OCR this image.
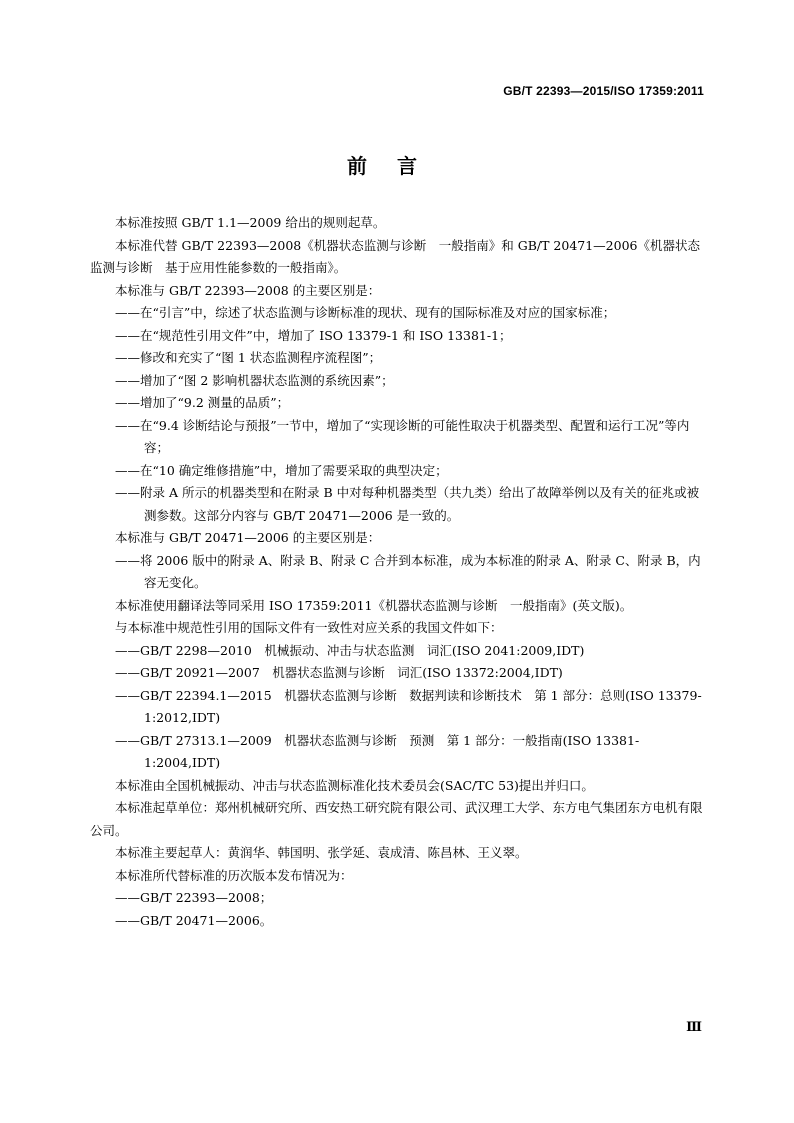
GB/T 22393—2015/ISO 17359:2011
前言

本标准按照 GB/T 1.1—2009 给出的规则起草。

本标准代替 GB/T 22393—2008《机器状态监测与诊断　一般指南》和 GB/T 20471—2006《机器状态监测与诊断　基于应用性能参数的一般指南》。

本标准与 GB/T 22393—2008 的主要区别是：

——在“引言”中，综述了状态监测与诊断标准的现状、现有的国际标准及对应的国家标准；

——在“规范性引用文件”中，增加了 ISO 13379-1 和 ISO 13381-1；

——修改和充实了“图 1 状态监测程序流程图”；

——增加了“图 2 影响机器状态监测的系统因素”；

——增加了“9.2 测量的品质”；

——在“9.4 诊断结论与预报”一节中，增加了“实现诊断的可能性取决于机器类型、配置和运行工况”等内容；

——在“10 确定维修措施”中，增加了需要采取的典型决定；

——附录 A 所示的机器类型和在附录 B 中对每种机器类型（共九类）给出了故障举例以及有关的征兆或被测参数。这部分内容与 GB/T 20471—2006 是一致的。

本标准与 GB/T 20471—2006 的主要区别是：

——将 2006 版中的附录 A、附录 B、附录 C 合并到本标准，成为本标准的附录 A、附录 C、附录 B，内容无变化。

本标准使用翻译法等同采用 ISO 17359:2011《机器状态监测与诊断　一般指南》(英文版)。

与本标准中规范性引用的国际文件有一致性对应关系的我国文件如下：

——GB/T 2298—2010　机械振动、冲击与状态监测　词汇(ISO 2041:2009,IDT)

——GB/T 20921—2007　机器状态监测与诊断　词汇(ISO 13372:2004,IDT)

——GB/T 22394.1—2015　机器状态监测与诊断　数据判读和诊断技术　第 1 部分：总则(ISO 13379-1:2012,IDT)

——GB/T 27313.1—2009　机器状态监测与诊断　预测　第 1 部分：一般指南(ISO 13381-1:2004,IDT)

本标准由全国机械振动、冲击与状态监测标准化技术委员会(SAC/TC 53)提出并归口。

本标准起草单位：郑州机械研究所、西安热工研究院有限公司、武汉理工大学、东方电气集团东方电机有限公司。

本标准主要起草人：黄润华、韩国明、张学延、袁成清、陈昌林、王义翠。

本标准所代替标准的历次版本发布情况为：

——GB/T 22393—2008；

——GB/T 20471—2006。

Ⅲ
